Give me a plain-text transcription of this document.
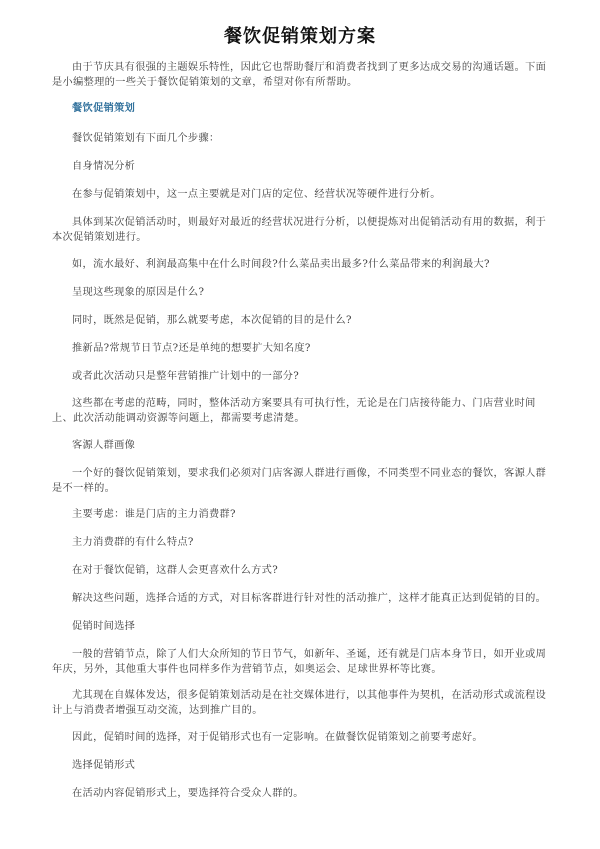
餐饮促销策划方案

由于节庆具有很强的主题娱乐特性，因此它也帮助餐厅和消费者找到了更多达成交易的沟通话题。下面是小编整理的一些关于餐饮促销策划的文章，希望对你有所帮助。

餐饮促销策划

餐饮促销策划有下面几个步骤：

自身情况分析

在参与促销策划中，这一点主要就是对门店的定位、经营状况等硬件进行分析。

具体到某次促销活动时，则最好对最近的经营状况进行分析，以便提炼对出促销活动有用的数据，利于本次促销策划进行。

如，流水最好、利润最高集中在什么时间段?什么菜品卖出最多?什么菜品带来的利润最大?

呈现这些现象的原因是什么?

同时，既然是促销，那么就要考虑，本次促销的目的是什么?

推新品?常规节日节点?还是单纯的想要扩大知名度?

或者此次活动只是整年营销推广计划中的一部分?

这些都在考虑的范畴，同时，整体活动方案要具有可执行性，无论是在门店接待能力、门店营业时间上、此次活动能调动资源等问题上，都需要考虑清楚。

客源人群画像

一个好的餐饮促销策划，要求我们必须对门店客源人群进行画像，不同类型不同业态的餐饮，客源人群是不一样的。

主要考虑：谁是门店的主力消费群?

主力消费群的有什么特点?

在对于餐饮促销，这群人会更喜欢什么方式?

解决这些问题，选择合适的方式，对目标客群进行针对性的活动推广，这样才能真正达到促销的目的。

促销时间选择

一般的营销节点，除了人们大众所知的节日节气，如新年、圣诞，还有就是门店本身节日，如开业或周年庆，另外，其他重大事件也同样多作为营销节点，如奥运会、足球世界杯等比赛。

尤其现在自媒体发达，很多促销策划活动是在社交媒体进行，以其他事件为契机，在活动形式或流程设计上与消费者增强互动交流，达到推广目的。

因此，促销时间的选择，对于促销形式也有一定影响。在做餐饮促销策划之前要考虑好。

选择促销形式

在活动内容促销形式上，要选择符合受众人群的。
